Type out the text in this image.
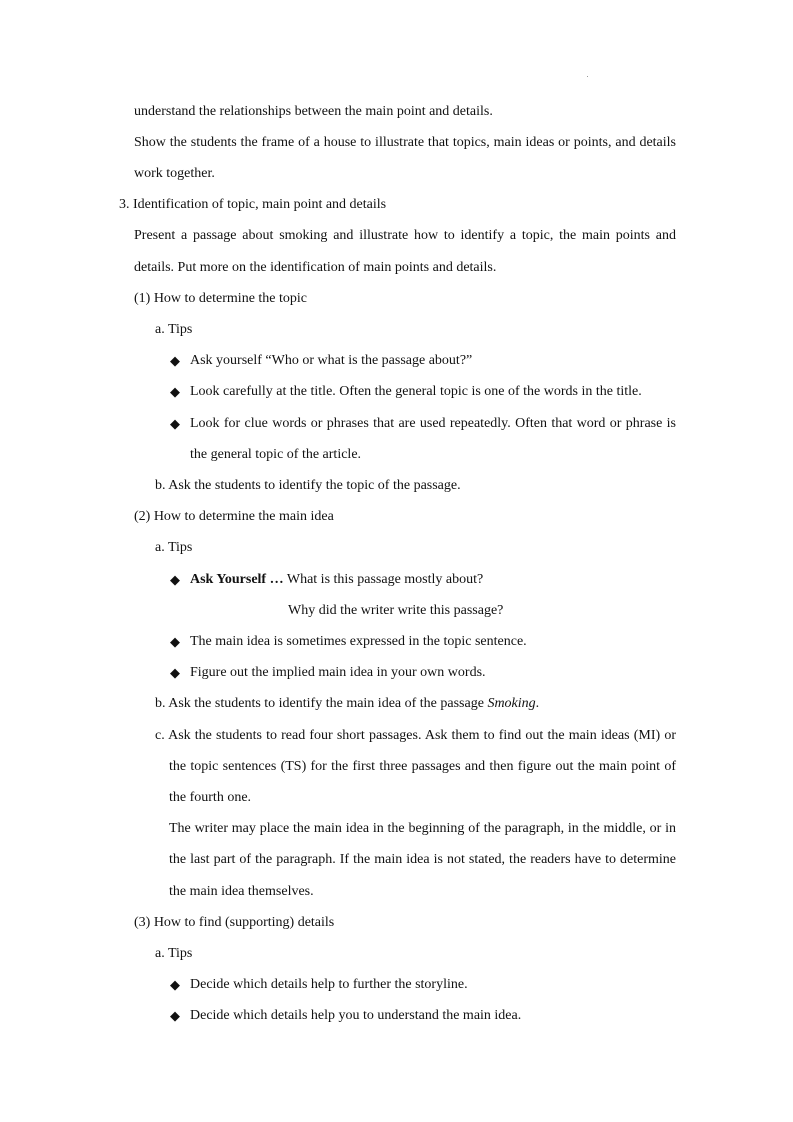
understand the relationships between the main point and details.
Show the students the frame of a house to illustrate that topics, main ideas or points, and details
work together.
3. Identification of topic, main point and details
Present a passage about smoking and illustrate how to identify a topic, the main points and
details. Put more on the identification of main points and details.
(1) How to determine the topic
a. Tips
◆ Ask yourself “Who or what is the passage about?”
◆ Look carefully at the title. Often the general topic is one of the words in the title.
◆ Look for clue words or phrases that are used repeatedly. Often that word or phrase is
the general topic of the article.
b. Ask the students to identify the topic of the passage.
(2) How to determine the main idea
a. Tips
◆ Ask Yourself … What is this passage mostly about?
Why did the writer write this passage?
◆ The main idea is sometimes expressed in the topic sentence.
◆ Figure out the implied main idea in your own words.
b. Ask the students to identify the main idea of the passage Smoking.
c. Ask the students to read four short passages. Ask them to find out the main ideas (MI) or
the topic sentences (TS) for the first three passages and then figure out the main point of
the fourth one.
The writer may place the main idea in the beginning of the paragraph, in the middle, or in
the last part of the paragraph. If the main idea is not stated, the readers have to determine
the main idea themselves.
(3) How to find (supporting) details
a. Tips
◆ Decide which details help to further the storyline.
◆ Decide which details help you to understand the main idea.
